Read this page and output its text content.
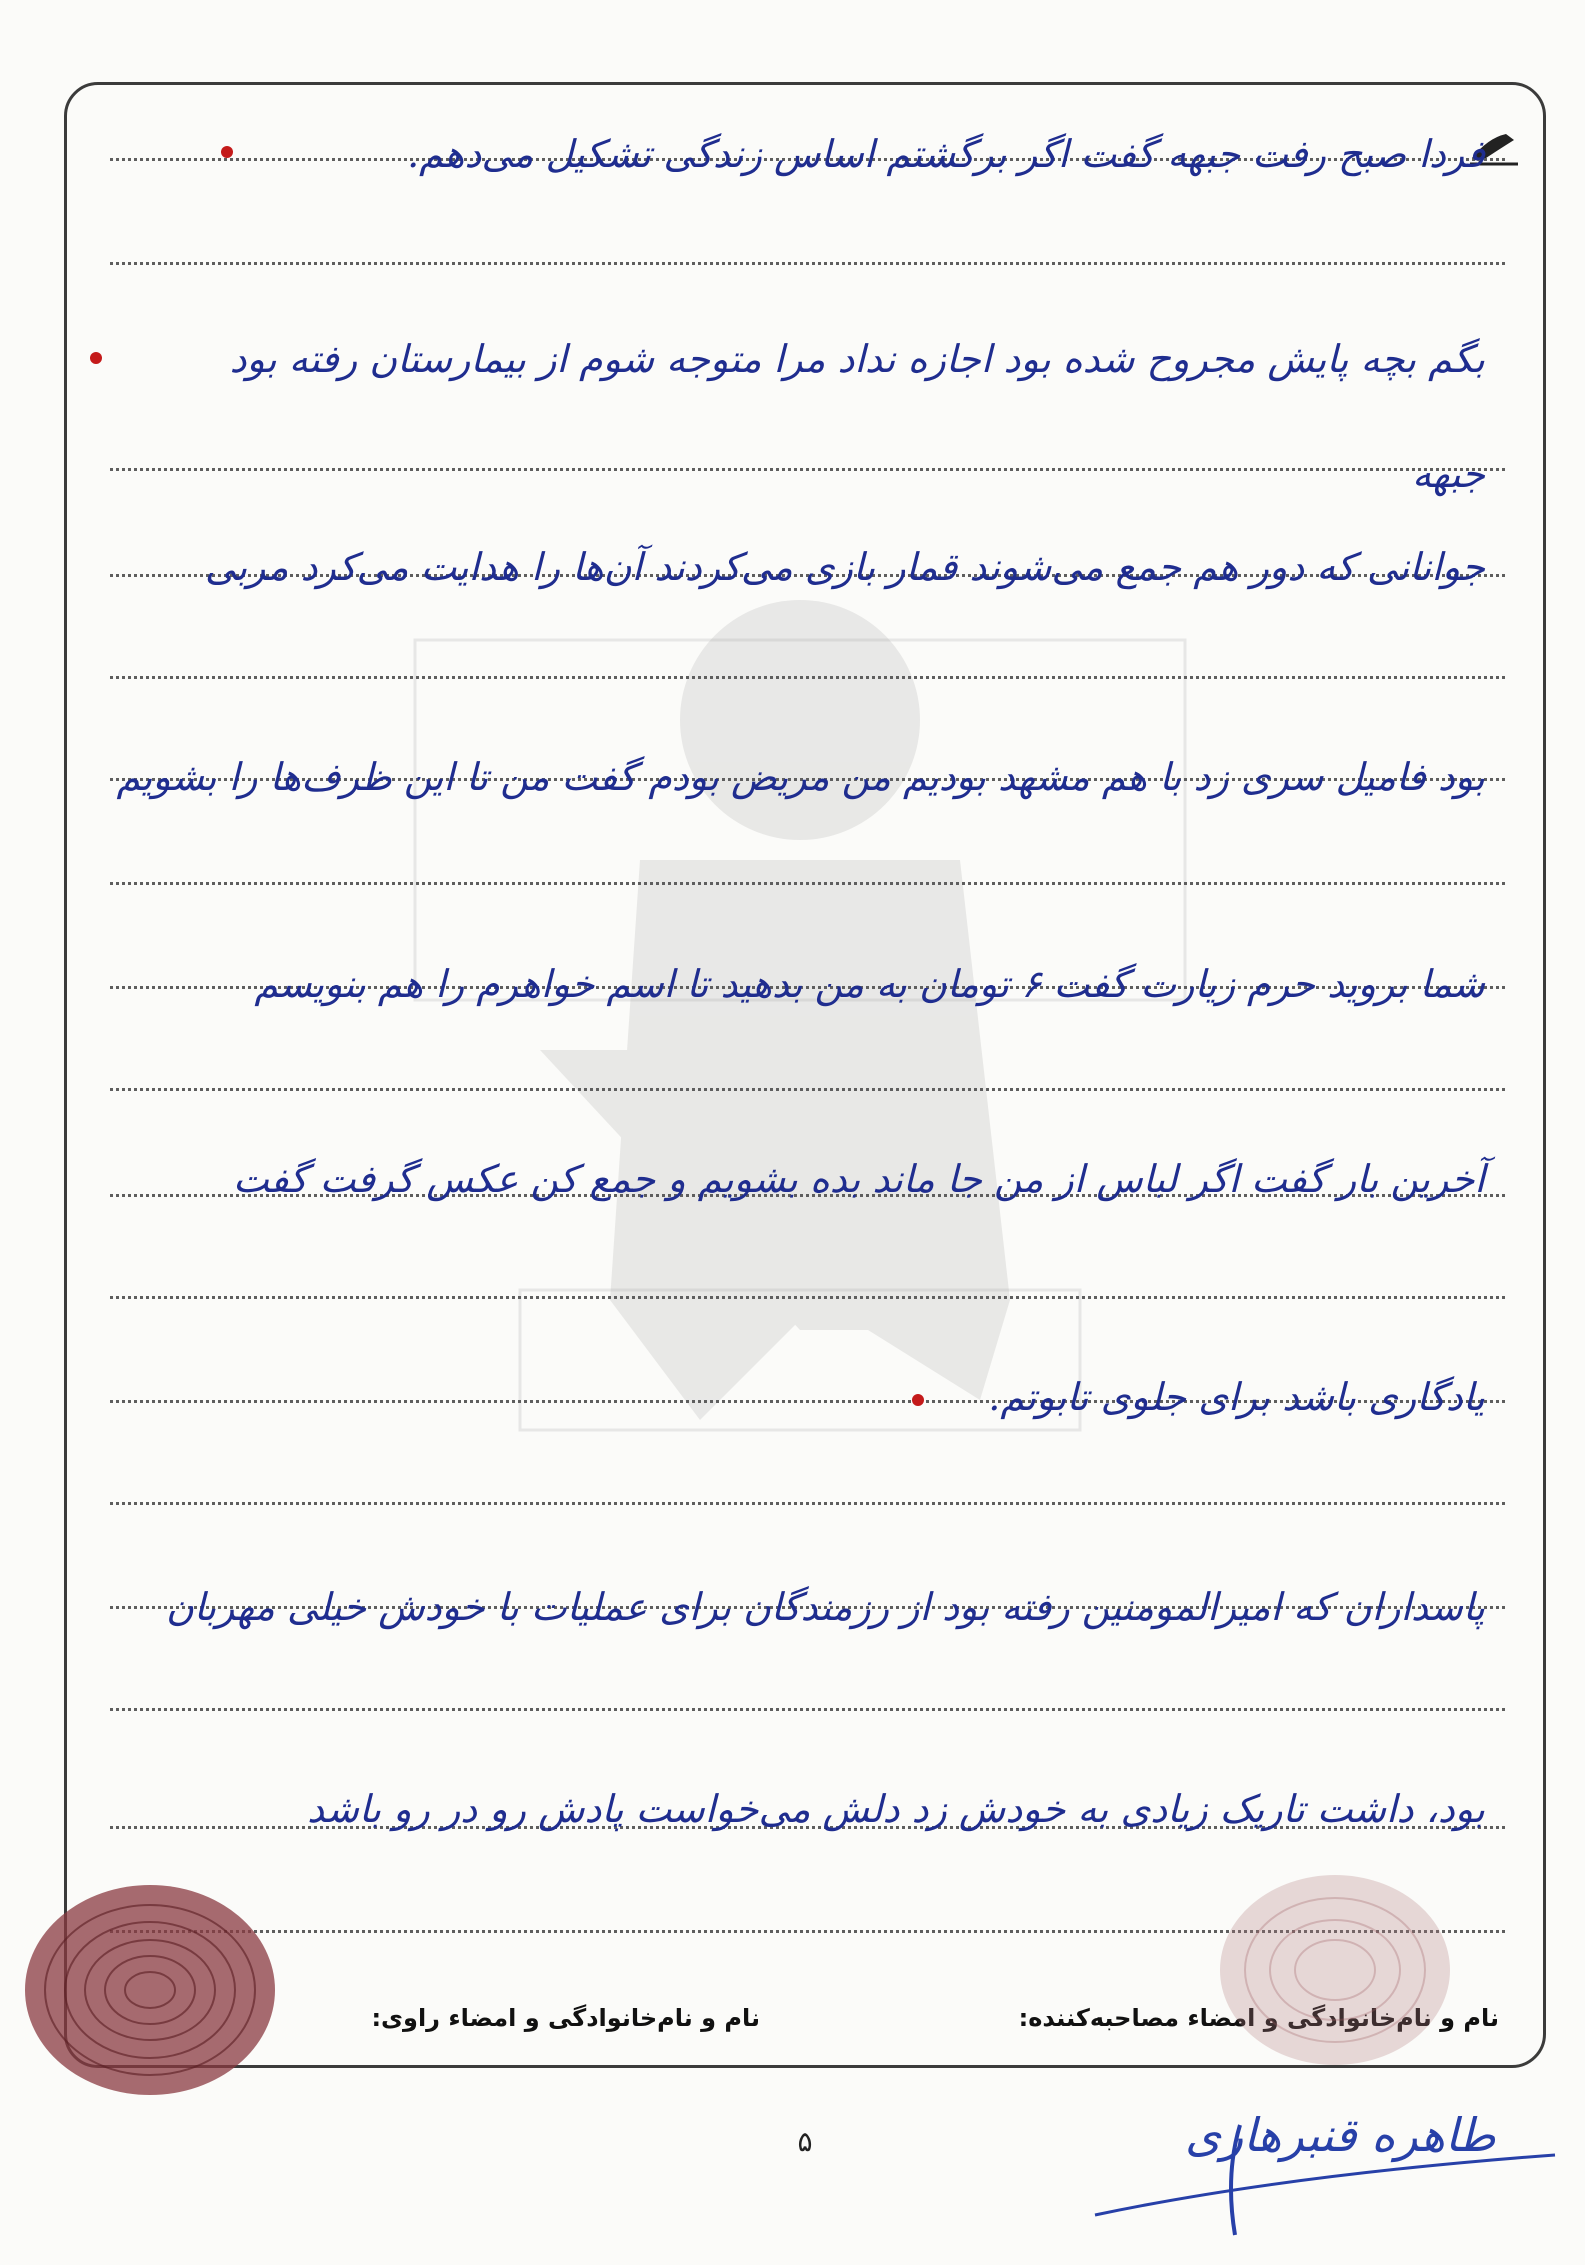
فردا صبح رفت جبهه گفت اگر برگشتم اساس زندگی تشکیل می‌دهم.
بگم بچه پایش مجروح شده بود اجازه نداد مرا متوجه شوم از بیمارستان رفته بود
جبهه
جوانانی که دور هم جمع می‌شوند قمار بازی می‌کردند آن‌ها را هدایت می‌کرد مربی
بود فامیل سری زد با هم مشهد بودیم من مریض بودم گفت من تا این ظرف‌ها را بشویم
شما بروید حرم زیارت گفت ۶ تومان به من بدهید تا اسم خواهرم را هم بنویسم
آخرین بار گفت اگر لباس از من جا ماند بده بشویم و جمع کن عکس گرفت گفت
یادگاری باشد برای جلوی تابوتم.
پاسداران که امیرالمومنین رفته بود از رزمندگان برای عملیات با خودش خیلی مهربان
بود، داشت تاریک زیادی به خودش زد دلش می‌خواست پادش رو در رو باشد
نام و نام‌خانوادگی و امضاء مصاحبه‌کننده:
نام و نام‌خانوادگی و امضاء راوی:
۵	طاهره قنبرهاری
